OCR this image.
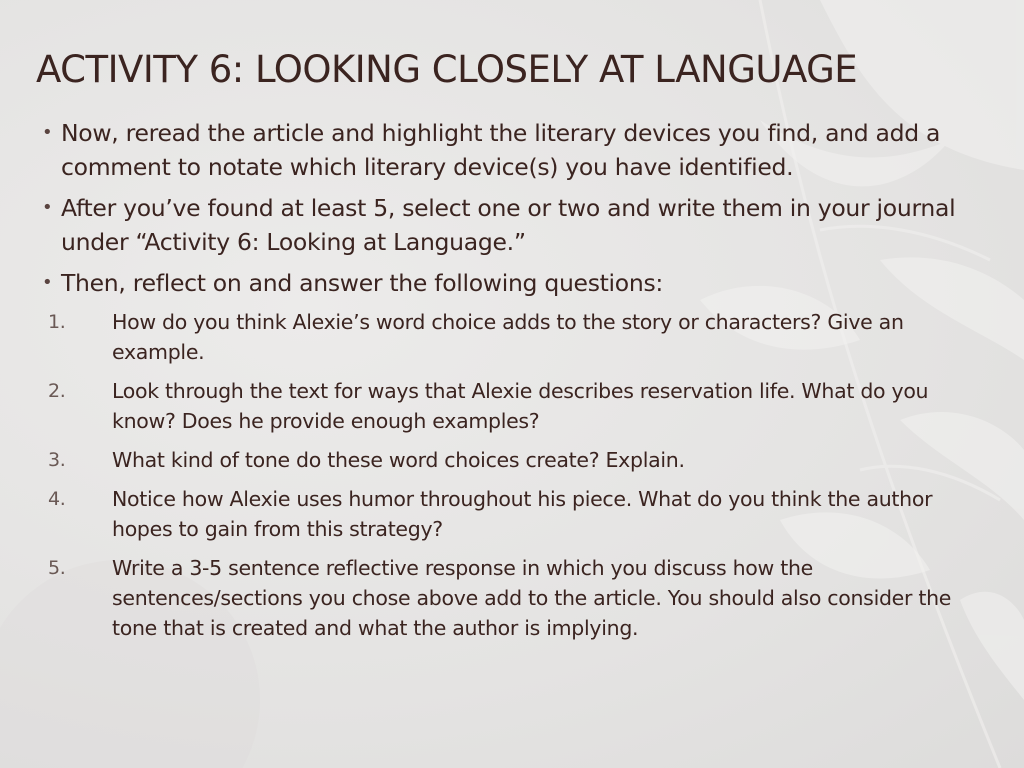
ACTIVITY 6: LOOKING CLOSELY AT LANGUAGE
• Now, reread the article and highlight the literary devices you find, and add a comment to notate which literary device(s) you have identified.
• After you’ve found at least 5, select one or two and write them in your journal under “Activity 6: Looking at Language.”
• Then, reflect on and answer the following questions:
1. How do you think Alexie’s word choice adds to the story or characters? Give an example.
2. Look through the text for ways that Alexie describes reservation life. What do you know? Does he provide enough examples?
3. What kind of tone do these word choices create? Explain.
4. Notice how Alexie uses humor throughout his piece. What do you think the author hopes to gain from this strategy?
5. Write a 3-5 sentence reflective response in which you discuss how the sentences/sections you chose above add to the article. You should also consider the tone that is created and what the author is implying.
